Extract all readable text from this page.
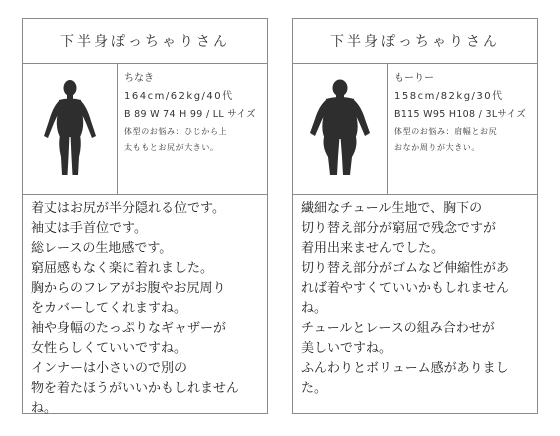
下半身ぽっちゃりさん
ちなき
164cm/62kg/40代
B 89 W 74 H 99 / LL サイズ
体型のお悩み：ひじから上
太ももとお尻が大きい。
着丈はお尻が半分隠れる位です。
袖丈は手首位です。
総レースの生地感です。
窮屈感もなく楽に着れました。
胸からのフレアがお腹やお尻周り
をカバーしてくれますね。
袖や身幅のたっぷりなギャザーが
女性らしくていいですね。
インナーは小さいので別の
物を着たほうがいいかもしれません
ね。
下半身ぽっちゃりさん
もーりー
158cm/82kg/30代
B115 W95 H108 / 3Lサイズ
体型のお悩み：肩幅とお尻
おなか周りが大きい。
繊細なチュール生地で、胸下の
切り替え部分が窮屈で残念ですが
着用出来ませんでした。
切り替え部分がゴムなど伸縮性があ
れば着やすくていいかもしれません
ね。
チュールとレースの組み合わせが
美しいですね。
ふんわりとボリューム感がありまし
た。
